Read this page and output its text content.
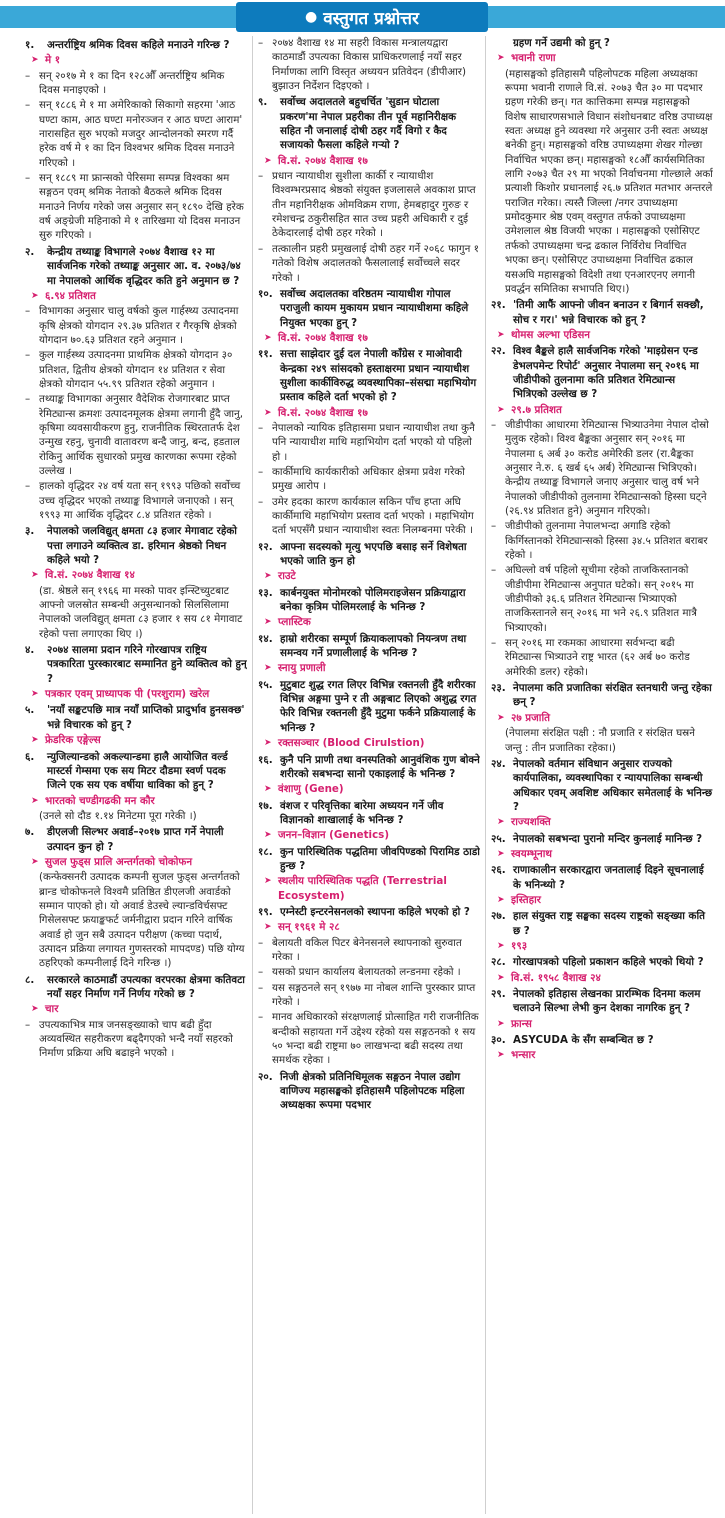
● वस्तुगत प्रश्नोत्तर
१.	अन्तर्राष्ट्रिय श्रमिक दिवस कहिले मनाउने गरिन्छ ?
➤ मे १
– सन् २०१७ मे १ का दिन १२८औँ अन्तर्राष्ट्रिय श्रमिक दिवस मनाइएको ।
– सन् १८८६ मे १ मा अमेरिकाको सिकागो सहरमा 'आठ घण्टा काम, आठ घण्टा मनोरञ्जन र आठ घण्टा आराम' नारासहित सुरु भएको मजदुर आन्दोलनको स्मरण गर्दै हरेक वर्ष मे १ का दिन विश्वभर श्रमिक दिवस मनाउने गरिएको ।
– सन् १८८९ मा फ्रान्सको पेरिसमा सम्पन्न विश्वका श्रम सङ्गठन एवम् श्रमिक नेताको बैठकले श्रमिक दिवस मनाउने निर्णय गरेको जस अनुसार सन् १८९० देखि हरेक वर्ष अङ्ग्रेजी महिनाको मे १ तारिखमा यो दिवस मनाउन सुरु गरिएको ।
२.	केन्द्रीय तथ्याङ्क विभागले २०७४ वैशाख १२ मा सार्वजनिक गरेको तथ्याङ्क अनुसार आ. व. २०७३/७४ मा नेपालको आर्थिक वृद्धिदर कति हुने अनुमान छ ?
➤ ६.९४ प्रतिशत
– विभागका अनुसार चालु वर्षको कुल गार्हस्थ्य उत्पादनमा कृषि क्षेत्रको योगदान २९.३७ प्रतिशत र गैरकृषि क्षेत्रको योगदान ७०.६३ प्रतिशत रहने अनुमान ।
– कुल गार्हस्थ्य उत्पादनमा प्राथमिक क्षेत्रको योगदान ३० प्रतिशत, द्वितीय क्षेत्रको योगदान १४ प्रतिशत र सेवा क्षेत्रको योगदान ५५.९९ प्रतिशत रहेको अनुमान ।
– तथ्याङ्क विभागका अनुसार वैदेशिक रोजगारबाट प्राप्त रेमिट्यान्स क्रमशः उत्पादनमूलक क्षेत्रमा लगानी हुँदै जानु, कृषिमा व्यवसायीकरण हुनु, राजनीतिक स्थिरतातर्फ देश उन्मुख रहनु, चुनावी वातावरण बन्दै जानु, बन्द, हडताल रोकिनु आर्थिक सुधारको प्रमुख कारणका रूपमा रहेको उल्लेख ।
– हालको वृद्धिदर २४ वर्ष यता सन् १९९३ पछिको सर्वोच्च उच्च वृद्धिदर भएको तथ्याङ्क विभागले जनाएको । सन् १९९३ मा आर्थिक वृद्धिदर ८.४ प्रतिशत रहेको ।
३.	नेपालको जलविद्युत् क्षमता ८३ हजार मेगावाट रहेको पत्ता लगाउने व्यक्तित्व डा. हरिमान श्रेष्ठको निधन कहिले भयो ?
➤ वि.सं. २०७४ वैशाख १४
(डा. श्रेष्ठले सन् १९६६ मा मस्को पावर इन्स्टिच्युटबाट आफ्नो जलस्रोत सम्बन्धी अनुसन्धानको सिलसिलामा नेपालको जलविद्युत् क्षमता ८३ हजार १ सय ८१ मेगावाट रहेको पत्ता लगाएका थिए ।)
४.	२०७४ सालमा प्रदान गरिने गोरखापत्र राष्ट्रिय पत्रकारिता पुरस्कारबाट सम्मानित हुने व्यक्तित्व को हुन् ?
➤ पत्रकार एवम् प्राध्यापक पी (परशुराम) खरेल
५.	'नयाँ सङ्कटपछि मात्र नयाँ प्राप्तिको प्रादुर्भाव हुनसक्छ' भन्ने विचारक को हुन् ?
➤ फ्रेडरिक एङ्गेल्स
६.	न्युजिल्यान्डको अकल्यान्डमा हालै आयोजित वर्ल्ड मास्टर्स गेम्समा एक सय मिटर दौडमा स्वर्ण पदक जित्ने एक सय एक वर्षीया धाविका को हुन् ?
➤ भारतको चण्डीगढकी मन कौर
(उनले सो दौड १.१४ मिनेटमा पूरा गरेकी ।)
७.	डीएलजी सिल्भर अवार्ड–२०१७ प्राप्त गर्ने नेपाली उत्पादन कुन हो ?
➤ सुजल फुड्स प्रालि अन्तर्गतको चोकोफन
(कन्फेक्सनरी उत्पादक कम्पनी सुजल फुड्स अन्तर्गतको ब्रान्ड चोकोफनले विश्वमै प्रतिष्ठित डीएलजी अवार्डको सम्मान पाएको हो। यो अवार्ड डेउस्चे ल्यान्डविर्चसफ्ट गिसेलसफ्ट फ्रयाङ्कफर्ट जर्मनीद्वारा प्रदान गरिने वार्षिक अवार्ड हो जुन सबै उत्पादन परीक्षण (कच्चा पदार्थ, उत्पादन प्रक्रिया लगायत गुणस्तरको मापदण्ड) पछि योग्य ठहरिएको कम्पनीलाई दिने गरिन्छ ।)
८.	सरकारले काठमाडौं उपत्यका वरपरका क्षेत्रमा कतिवटा नयाँ सहर निर्माण गर्ने निर्णय गरेको छ ?
➤ चार
– उपत्यकाभित्र मात्र जनसङ्ख्याको चाप बढी हुँदा अव्यवस्थित सहरीकरण बढ्दैगएको भन्दै नयाँ सहरको निर्माण प्रक्रिया अघि बढाइने भएको ।
– २०७४ वैशाख १४ मा सहरी विकास मन्त्रालयद्वारा काठमाडौं उपत्यका विकास प्राधिकरणलाई नयाँ सहर निर्माणका लागि विस्तृत अध्ययन प्रतिवेदन (डीपीआर) बुझाउन निर्देशन दिइएको ।
९.	सर्वोच्च अदालतले बहुचर्चित 'सुडान घोटाला प्रकरण'मा नेपाल प्रहरीका तीन पूर्व महानिरीक्षक सहित नौ जनालाई दोषी ठहर गर्दै विगो र कैद सजायको फैसला कहिले गऱ्यो ?
➤ वि.सं. २०७४ वैशाख १७
– प्रधान न्यायाधीश सुशीला कार्की र न्यायाधीश विश्वम्भरप्रसाद श्रेष्ठको संयुक्त इजलासले अवकाश प्राप्त तीन महानिरीक्षक ओमविक्रम राणा, हेमबहादुर गुरुङ र रमेशचन्द्र ठकुरीसहित सात उच्च प्रहरी अधिकारी र दुई ठेकेदारलाई दोषी ठहर गरेको ।
– तत्कालीन प्रहरी प्रमुखलाई दोषी ठहर गर्ने २०६८ फागुन १ गतेको विशेष अदालतको फैसलालाई सर्वोच्चले सदर गरेको ।
१०. सर्वोच्च अदालतका वरिष्ठतम न्यायाधीश गोपाल पराजुली कायम मुकायम प्रधान न्यायाधीशमा कहिले नियुक्त भएका हुन् ?
➤ वि.सं. २०७४ वैशाख १७
११. सत्ता साझेदार दुई दल नेपाली काँग्रेस र माओवादी केन्द्रका २४९ सांसदको हस्ताक्षरमा प्रधान न्यायाधीश सुशीला कार्कीविरुद्ध व्यवस्थापिका–संसद्मा महाभियोग प्रस्ताव कहिले दर्ता भएको हो ?
➤ वि.सं. २०७४ वैशाख १७
– नेपालको न्यायिक इतिहासमा प्रधान न्यायाधीश तथा कुनै पनि न्यायाधीश माथि महाभियोग दर्ता भएको यो पहिलो हो ।
– कार्कीमाथि कार्यकारीको अधिकार क्षेत्रमा प्रवेश गरेको प्रमुख आरोप ।
– उमेर हदका कारण कार्यकाल सकिन पाँच हप्ता अघि कार्कीमाथि महाभियोग प्रस्ताव दर्ता भएको । महाभियोग दर्ता भएसँगै प्रधान न्यायाधीश स्वतः निलम्बनमा परेकी ।
१२. आफ्ना सदस्यको मृत्यु भएपछि बसाइ सर्ने विशेषता भएको जाति कुन हो
➤ राउटे
१३. कार्बनयुक्त मोनोमरको पोलिमराइजेसन प्रक्रियाद्वारा बनेका कृत्रिम पोलिमरलाई के भनिन्छ ?
➤ प्लास्टिक
१४. हाम्रो शरीरका सम्पूर्ण क्रियाकलापको नियन्त्रण तथा समन्वय गर्ने प्रणालीलाई के भनिन्छ ?
➤ स्नायु प्रणाली
१५. मुटुबाट शुद्ध रगत लिएर विभिन्न रक्तनली हुँदै शरीरका विभिन्न अङ्गमा पुग्ने र ती अङ्गबाट लिएको अशुद्ध रगत फेरि विभिन्न रक्तनली हुँदै मुटुमा फर्कने प्रक्रियालाई के भनिन्छ ?
➤ रक्तसञ्चार (Blood Cirulstion)
१६. कुनै पनि प्राणी तथा वनस्पतिको आनुवंशिक गुण बोक्ने शरीरको सबभन्दा सानो एकाइलाई के भनिन्छ ?
➤ वंशाणु (Gene)
१७. वंशज र परिवृत्तिका बारेमा अध्ययन गर्ने जीव विज्ञानको शाखालाई के भनिन्छ ?
➤ जनन–विज्ञान (Genetics)
१८. कुन पारिस्थितिक पद्धतिमा जीवपिण्डको पिरामिड ठाडो हुन्छ ?
➤ स्थलीय पारिस्थितिक पद्धति (Terrestrial Ecosystem)
१९. एम्नेस्टी इन्टरनेसनलको स्थापना कहिले भएको हो ?
➤ सन् १९६१ मे २८
– बेलायती वकिल पिटर बेनेनसनले स्थापनाको सुरुवात गरेका ।
– यसको प्रधान कार्यालय बेलायतको लन्डनमा रहेको ।
– यस सङ्गठनले सन् १९७७ मा नोबल शान्ति पुरस्कार प्राप्त गरेको ।
– मानव अधिकारको संरक्षणलाई प्रोत्साहित गरी राजनीतिक बन्दीको सहायता गर्ने उद्देश्य रहेको यस सङ्गठनको १ सय ५० भन्दा बढी राष्ट्रमा ७० लाखभन्दा बढी सदस्य तथा समर्थक रहेका ।
२०. निजी क्षेत्रको प्रतिनिधिमूलक सङ्गठन नेपाल उद्योग वाणिज्य महासङ्घको इतिहासमै पहिलोपटक महिला अध्यक्षका रूपमा पदभार
ग्रहण गर्ने उद्यमी को हुन् ?
➤ भवानी राणा
(महासङ्घको इतिहासमै पहिलोपटक महिला अध्यक्षका रूपमा भवानी राणाले वि.सं. २०७३ चैत ३० मा पदभार ग्रहण गरेकी छन्। गत कात्तिकमा सम्पन्न महासङ्घको विशेष साधारणसभाले विधान संशोधनबाट वरिष्ठ उपाध्यक्ष स्वतः अध्यक्ष हुने व्यवस्था गरे अनुसार उनी स्वतः अध्यक्ष बनेकी हुन्। महासङ्घको वरिष्ठ उपाध्यक्षमा शेखर गोल्छा निर्वाचित भएका छन्। महासङ्घको १८औँ कार्यसमितिका लागि २०७३ चैत २९ मा भएको निर्वाचनमा गोल्छाले अर्का प्रत्याशी किशोर प्रधानलाई २६.७ प्रतिशत मतभार अन्तरले पराजित गरेका। त्यस्तै जिल्ला /नगर उपाध्यक्षमा प्रमोदकुमार श्रेष्ठ एवम् वस्तुगत तर्फको उपाध्यक्षमा उमेशलाल श्रेष्ठ विजयी भएका । महासङ्घको एसोसिएट तर्फको उपाध्यक्षमा चन्द्र ढकाल निर्विरोध निर्वाचित भएका छन्। एसोसिएट उपाध्यक्षमा निर्वाचित ढकाल यसअघि महासङ्घको विदेशी तथा एनआरएनए लगानी प्रवर्द्धन समितिका सभापति थिए।)
२१. 'तिमी आफैं आफ्नो जीवन बनाउन र बिगार्न सक्छौ, सोच र गर।' भन्ने विचारक को हुन् ?
➤ थोमस अल्भा एडिसन
२२. विश्व बैङ्कले हालै सार्वजनिक गरेको 'माइग्रेसन एन्ड डेभलपमेन्ट रिपोर्ट' अनुसार नेपालमा सन् २०१६ मा जीडीपीको तुलनामा कति प्रतिशत रेमिट्यान्स भित्रिएको उल्लेख छ ?
➤ २९.७ प्रतिशत
– जीडीपीका आधारमा रेमिट्यान्स भित्र्याउनेमा नेपाल दोस्रो मुलुक रहेको। विश्व बैङ्कका अनुसार सन् २०१६ मा नेपालमा ६ अर्ब ३० करोड अमेरिकी डलर (रा.बैङ्कका अनुसार ने.रु. ६ खर्ब ६५ अर्ब) रेमिट्यान्स भित्रिएको। केन्द्रीय तथ्याङ्क विभागले जनाए अनुसार चालु वर्ष भने नेपालको जीडीपीको तुलनामा रेमिट्यान्सको हिस्सा घट्ने (२६.९४ प्रतिशत हुने) अनुमान गरिएको।
– जीडीपीको तुलनामा नेपालभन्दा अगाडि रहेको किर्गिस्तानको रेमिट्यान्सको हिस्सा ३४.५ प्रतिशत बराबर रहेको ।
– अघिल्लो वर्ष पहिलो सूचीमा रहेको ताजकिस्तानको जीडीपीमा रेमिट्यान्स अनुपात घटेको। सन् २०१५ मा जीडीपीको ३६.६ प्रतिशत रेमिट्यान्स भित्र्याएको ताजकिस्तानले सन् २०१६ मा भने २६.९ प्रतिशत मात्रै भित्र्याएको।
– सन् २०१६ मा रकमका आधारमा सर्वभन्दा बढी रेमिट्यान्स भित्र्याउने राष्ट्र भारत (६२ अर्ब ७० करोड अमेरिकी डलर) रहेको।
२३. नेपालमा कति प्रजातिका संरक्षित स्तनधारी जन्तु रहेका छन् ?
➤ २७ प्रजाति
(नेपालमा संरक्षित पक्षी : नौ प्रजाति र संरक्षित घस्रने जन्तु : तीन प्रजातिका रहेका।)
२४. नेपालको वर्तमान संविधान अनुसार राज्यको कार्यपालिका, व्यवस्थापिका र न्यायपालिका सम्बन्धी अधिकार एवम् अवशिष्ट अधिकार समेतलाई के भनिन्छ ?
➤ राज्यशक्ति
२५. नेपालको सबभन्दा पुरानो मन्दिर कुनलाई मानिन्छ ?
➤ स्वयम्भूनाथ
२६. राणाकालीन सरकारद्वारा जनतालाई दिइने सूचनालाई के भनिन्थ्यो ?
➤ इस्तिहार
२७. हाल संयुक्त राष्ट्र सङ्घका सदस्य राष्ट्रको सङ्ख्या कति छ ?
➤ १९३
२८. गोरखापत्रको पहिलो प्रकाशन कहिले भएको थियो ?
➤ वि.सं. १९५८ वैशाख २४
२९. नेपालको इतिहास लेखनका प्रारम्भिक दिनमा कलम चलाउने सिल्भा लेभी कुन देशका नागरिक हुन् ?
➤ फ्रान्स
३०. ASYCUDA के सँग सम्बन्धित छ ?
➤ भन्सार
